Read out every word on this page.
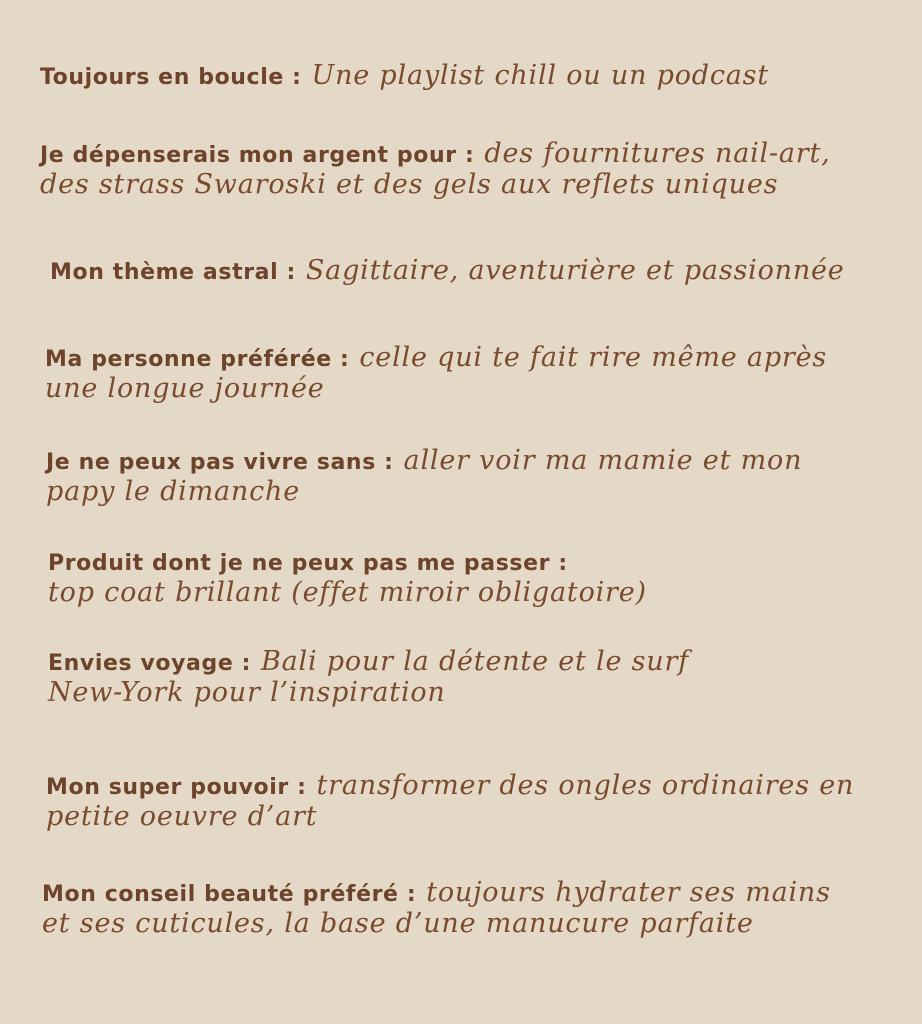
Toujours en boucle : Une playlist chill ou un podcast
Je dépenserais mon argent pour : des fournitures nail-art,
des strass Swaroski et des gels aux reflets uniques
Mon thème astral : Sagittaire, aventurière et passionnée
Ma personne préférée : celle qui te fait rire même après
une longue journée
Je ne peux pas vivre sans : aller voir ma mamie et mon
papy le dimanche
Produit dont je ne peux pas me passer :
top coat brillant (effet miroir obligatoire)
Envies voyage : Bali pour la détente et le surf
New-York pour l’inspiration
Mon super pouvoir : transformer des ongles ordinaires en
petite oeuvre d’art
Mon conseil beauté préféré : toujours hydrater ses mains
et ses cuticules, la base d’une manucure parfaite
